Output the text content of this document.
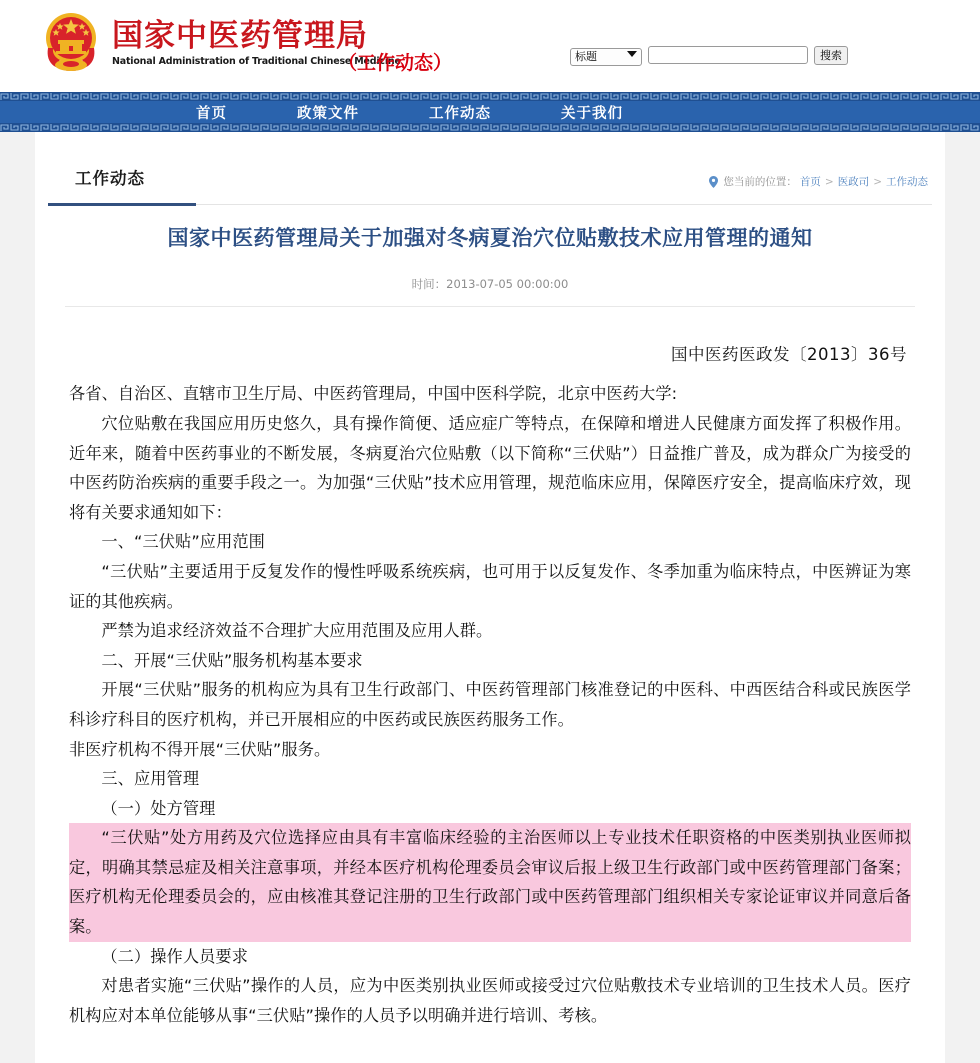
国家中医药管理局
National Administration of Traditional Chinese Medicine
（工作动态）
标题	搜索
首页	政策文件	工作动态	关于我们
工作动态	您当前的位置： 首页 > 医政司 > 工作动态
国家中医药管理局关于加强对冬病夏治穴位贴敷技术应用管理的通知
时间：2013-07-05 00:00:00
国中医药医政发〔2013〕36号

各省、自治区、直辖市卫生厅局、中医药管理局，中国中医科学院，北京中医药大学:

穴位贴敷在我国应用历史悠久，具有操作简便、适应症广等特点，在保障和增进人民健康方面发挥了积极作用。近年来，随着中医药事业的不断发展，冬病夏治穴位贴敷（以下简称“三伏贴”）日益推广普及，成为群众广为接受的中医药防治疾病的重要手段之一。为加强“三伏贴”技术应用管理，规范临床应用，保障医疗安全，提高临床疗效，现将有关要求通知如下：

一、“三伏贴”应用范围

“三伏贴”主要适用于反复发作的慢性呼吸系统疾病，也可用于以反复发作、冬季加重为临床特点，中医辨证为寒证的其他疾病。

严禁为追求经济效益不合理扩大应用范围及应用人群。

二、开展“三伏贴”服务机构基本要求

开展“三伏贴”服务的机构应为具有卫生行政部门、中医药管理部门核准登记的中医科、中西医结合科或民族医学科诊疗科目的医疗机构，并已开展相应的中医药或民族医药服务工作。

非医疗机构不得开展“三伏贴”服务。

三、应用管理

（一）处方管理

“三伏贴”处方用药及穴位选择应由具有丰富临床经验的主治医师以上专业技术任职资格的中医类别执业医师拟定，明确其禁忌症及相关注意事项，并经本医疗机构伦理委员会审议后报上级卫生行政部门或中医药管理部门备案；医疗机构无伦理委员会的，应由核准其登记注册的卫生行政部门或中医药管理部门组织相关专家论证审议并同意后备案。

（二）操作人员要求

对患者实施“三伏贴”操作的人员，应为中医类别执业医师或接受过穴位贴敷技术专业培训的卫生技术人员。医疗机构应对本单位能够从事“三伏贴”操作的人员予以明确并进行培训、考核。
